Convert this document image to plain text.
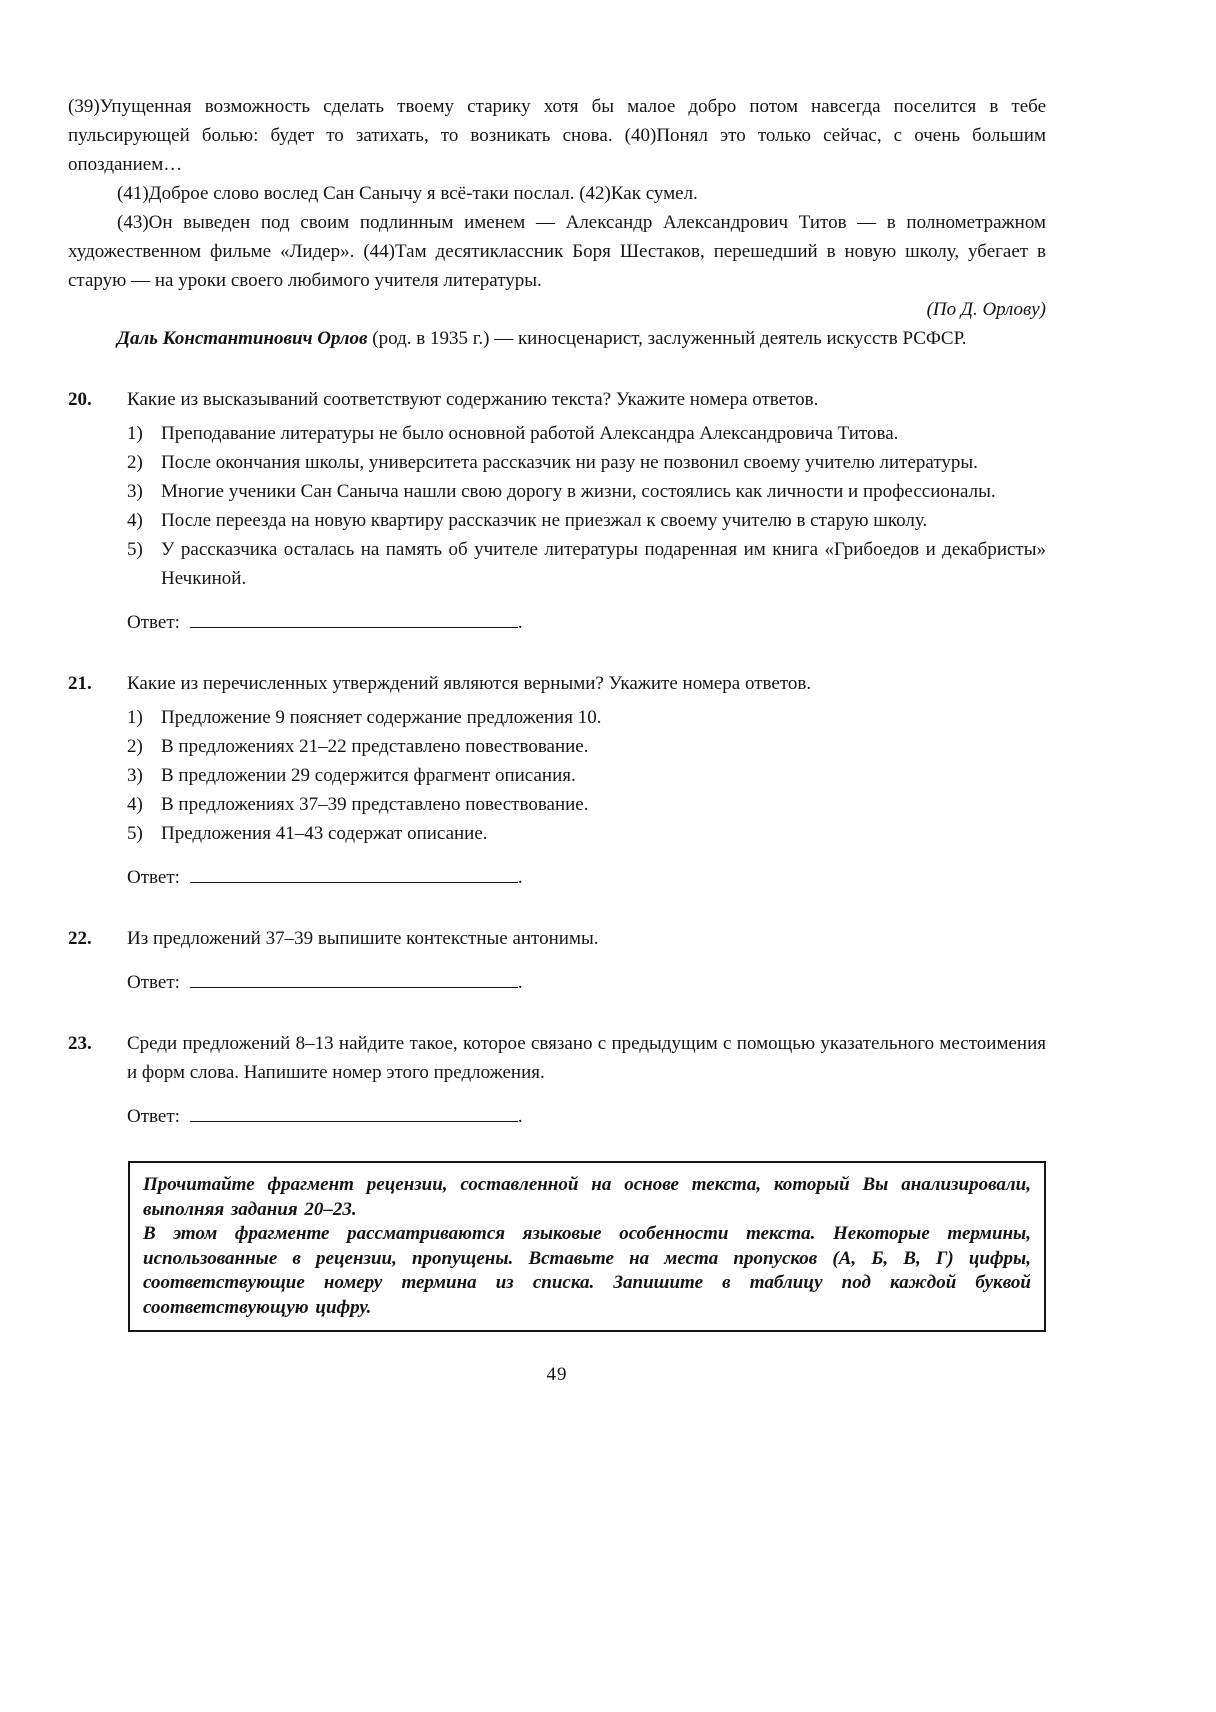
(39)Упущенная возможность сделать твоему старику хотя бы малое добро потом навсегда поселится в тебе пульсирующей болью: будет то затихать, то возникать снова. (40)Понял это только сейчас, с очень большим опозданием…

(41)Доброе слово вослед Сан Санычу я всё-таки послал. (42)Как сумел.

(43)Он выведен под своим подлинным именем — Александр Александрович Титов — в полнометражном художественном фильме «Лидер». (44)Там десятиклассник Боря Шестаков, перешедший в новую школу, убегает в старую — на уроки своего любимого учителя литературы.

(По Д. Орлову)

Даль Константинович Орлов (род. в 1935 г.) — киносценарист, заслуженный деятель искусств РСФСР.

20.	Какие из высказываний соответствуют содержанию текста? Укажите номера ответов.

1) Преподавание литературы не было основной работой Александра Александровича Титова.

2) После окончания школы, университета рассказчик ни разу не позвонил своему учителю литературы.

3) Многие ученики Сан Саныча нашли свою дорогу в жизни, состоялись как личности и профессионалы.

4) После переезда на новую квартиру рассказчик не приезжал к своему учителю в старую школу.

5) У рассказчика осталась на память об учителе литературы подаренная им книга «Грибоедов и декабристы» Нечкиной.

Ответ:	.
21.	Какие из перечисленных утверждений являются верными? Укажите номера ответов.

1) Предложение 9 поясняет содержание предложения 10.

2) В предложениях 21–22 представлено повествование.

3) В предложении 29 содержится фрагмент описания.

4) В предложениях 37–39 представлено повествование.

5) Предложения 41–43 содержат описание.

Ответ:	.
22.	Из предложений 37–39 выпишите контекстные антонимы.

Ответ:	.
23.	Среди предложений 8–13 найдите такое, которое связано с предыдущим с помощью указательного местоимения и форм слова. Напишите номер этого предложения.

Ответ:	.

Прочитайте фрагмент рецензии, составленной на основе текста, который Вы анализировали, выполняя задания 20–23.

В этом фрагменте рассматриваются языковые особенности текста. Некоторые термины, использованные в рецензии, пропущены. Вставьте на места пропусков (А, Б, В, Г) цифры, соответствующие номеру термина из списка. Запишите в таблицу под каждой буквой соответствующую цифру.

49
